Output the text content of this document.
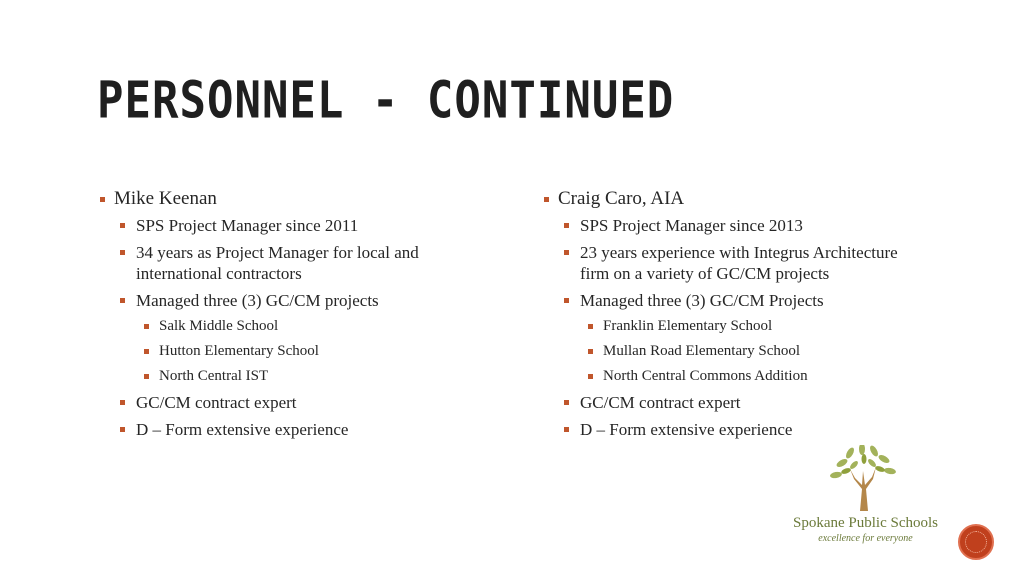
PERSONNEL - CONTINUED
Mike Keenan
SPS Project Manager since 2011
34 years as Project Manager for local and international contractors
Managed three (3) GC/CM projects
Salk Middle School
Hutton Elementary School
North Central IST
GC/CM contract expert
D – Form extensive experience
Craig Caro, AIA
SPS Project Manager since 2013
23 years experience with Integrus Architecture firm on a variety of GC/CM projects
Managed three (3) GC/CM Projects
Franklin Elementary School
Mullan Road Elementary School
North Central Commons Addition
GC/CM contract expert
D – Form extensive experience
Spokane Public Schools
excellence for everyone
